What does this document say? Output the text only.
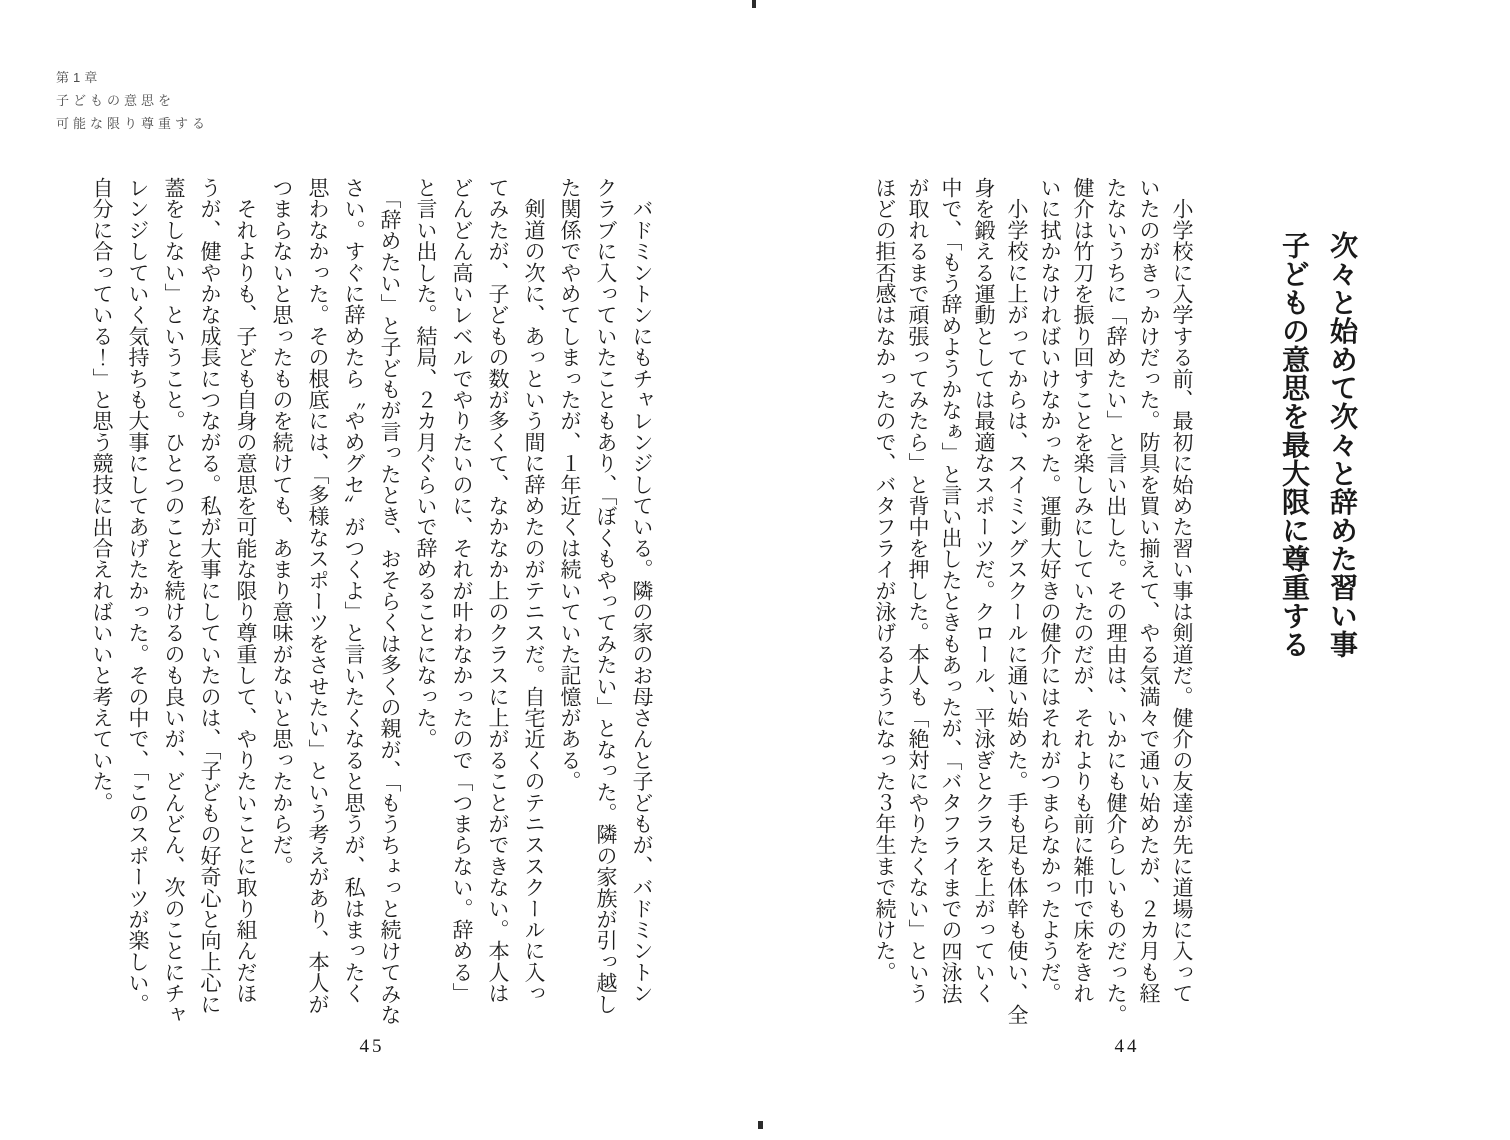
次々と始めて次々と辞めた習い事
子どもの意思を最大限に尊重する
　小学校に入学する前、最初に始めた習い事は剣道だ。健介の友達が先に道場に入って
いたのがきっかけだった。防具を買い揃えて、やる気満々で通い始めたが、２カ月も経
たないうちに「辞めたい」と言い出した。その理由は、いかにも健介らしいものだった。
健介は竹刀を振り回すことを楽しみにしていたのだが、それよりも前に雑巾で床をきれ
いに拭かなければいけなかった。運動大好きの健介にはそれがつまらなかったようだ。
　小学校に上がってからは、スイミングスクールに通い始めた。手も足も体幹も使い、全
身を鍛える運動としては最適なスポーツだ。クロール、平泳ぎとクラスを上がっていく
中で、「もう辞めようかなぁ」と言い出したときもあったが、「バタフライまでの四泳法
が取れるまで頑張ってみたら」と背中を押した。本人も「絶対にやりたくない」という
ほどの拒否感はなかったので、バタフライが泳げるようになった３年生まで続けた。
44
第1章
子どもの意思を
可能な限り尊重する
　バドミントンにもチャレンジしている。隣の家のお母さんと子どもが、バドミントン
クラブに入っていたこともあり、「ぼくもやってみたい」となった。隣の家族が引っ越し
た関係でやめてしまったが、１年近くは続いていた記憶がある。
　剣道の次に、あっという間に辞めたのがテニスだ。自宅近くのテニススクールに入っ
てみたが、子どもの数が多くて、なかなか上のクラスに上がることができない。本人は
どんどん高いレベルでやりたいのに、それが叶わなかったので「つまらない。辞める」
と言い出した。結局、２カ月ぐらいで辞めることになった。
　「辞めたい」と子どもが言ったとき、おそらくは多くの親が、「もうちょっと続けてみな
さい。すぐに辞めたら〝やめグセ〟がつくよ」と言いたくなると思うが、私はまったく
思わなかった。その根底には、「多様なスポーツをさせたい」という考えがあり、本人が
つまらないと思ったものを続けても、あまり意味がないと思ったからだ。
　それよりも、子ども自身の意思を可能な限り尊重して、やりたいことに取り組んだほ
うが、健やかな成長につながる。私が大事にしていたのは、「子どもの好奇心と向上心に
蓋をしない」ということ。ひとつのことを続けるのも良いが、どんどん、次のことにチャ
レンジしていく気持ちも大事にしてあげたかった。その中で、「このスポーツが楽しい。
自分に合っている！」と思う競技に出合えればいいと考えていた。
45
